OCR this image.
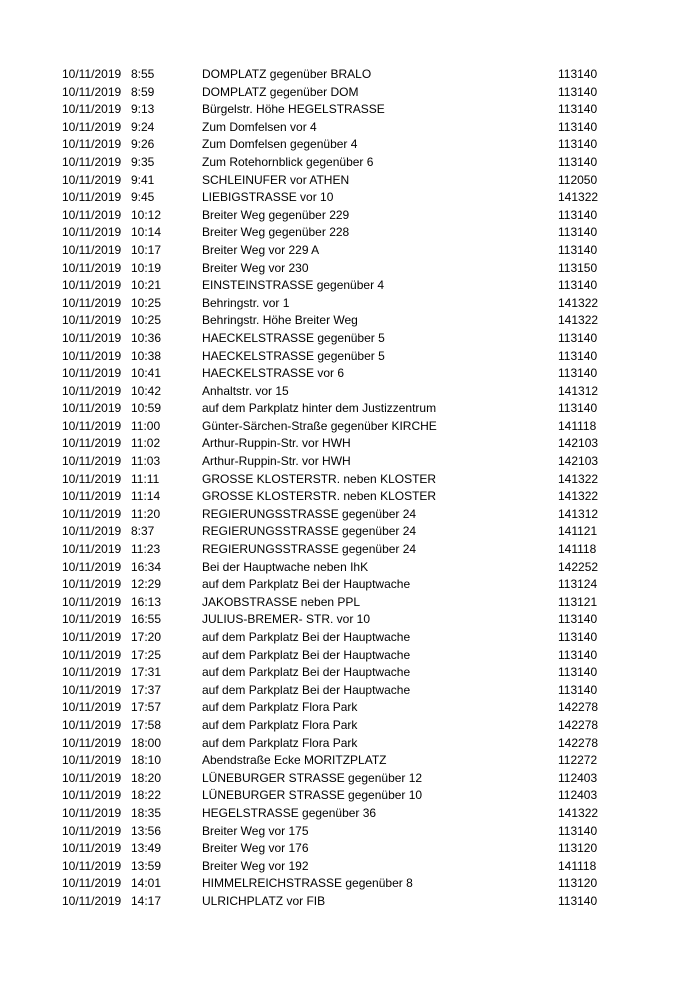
10/11/2019 8:55	DOMPLATZ gegenüber BRALO	113140
10/11/2019 8:59	DOMPLATZ gegenüber DOM	113140
10/11/2019 9:13	Bürgelstr. Höhe HEGELSTRASSE	113140
10/11/2019 9:24	Zum Domfelsen vor 4	113140
10/11/2019 9:26	Zum Domfelsen gegenüber 4	113140
10/11/2019 9:35	Zum Rotehornblick gegenüber 6	113140
10/11/2019 9:41	SCHLEINUFER vor ATHEN	112050
10/11/2019 9:45	LIEBIGSTRASSE vor 10	141322
10/11/2019 10:12	Breiter Weg gegenüber 229	113140
10/11/2019 10:14	Breiter Weg gegenüber 228	113140
10/11/2019 10:17	Breiter Weg vor 229 A	113140
10/11/2019 10:19	Breiter Weg vor 230	113150
10/11/2019 10:21	EINSTEINSTRASSE gegenüber 4	113140
10/11/2019 10:25	Behringstr. vor 1	141322
10/11/2019 10:25	Behringstr. Höhe Breiter Weg	141322
10/11/2019 10:36	HAECKELSTRASSE gegenüber 5	113140
10/11/2019 10:38	HAECKELSTRASSE gegenüber 5	113140
10/11/2019 10:41	HAECKELSTRASSE vor 6	113140
10/11/2019 10:42	Anhaltstr. vor 15	141312
10/11/2019 10:59	auf dem Parkplatz hinter dem Justizzentrum	113140
10/11/2019 11:00	Günter-Särchen-Straße gegenüber KIRCHE	141118
10/11/2019 11:02	Arthur-Ruppin-Str. vor HWH	142103
10/11/2019 11:03	Arthur-Ruppin-Str. vor HWH	142103
10/11/2019 11:11	GROSSE KLOSTERSTR. neben KLOSTER	141322
10/11/2019 11:14	GROSSE KLOSTERSTR. neben KLOSTER	141322
10/11/2019 11:20	REGIERUNGSSTRASSE gegenüber 24	141312
10/11/2019 8:37	REGIERUNGSSTRASSE gegenüber 24	141121
10/11/2019 11:23	REGIERUNGSSTRASSE gegenüber 24	141118
10/11/2019 16:34	Bei der Hauptwache neben IhK	142252
10/11/2019 12:29	auf dem Parkplatz Bei der Hauptwache	113124
10/11/2019 16:13	JAKOBSTRASSE neben PPL	113121
10/11/2019 16:55	JULIUS-BREMER- STR. vor 10	113140
10/11/2019 17:20	auf dem Parkplatz Bei der Hauptwache	113140
10/11/2019 17:25	auf dem Parkplatz Bei der Hauptwache	113140
10/11/2019 17:31	auf dem Parkplatz Bei der Hauptwache	113140
10/11/2019 17:37	auf dem Parkplatz Bei der Hauptwache	113140
10/11/2019 17:57	auf dem Parkplatz Flora Park	142278
10/11/2019 17:58	auf dem Parkplatz Flora Park	142278
10/11/2019 18:00	auf dem Parkplatz Flora Park	142278
10/11/2019 18:10	Abendstraße Ecke MORITZPLATZ	112272
10/11/2019 18:20	LÜNEBURGER STRASSE gegenüber 12	112403
10/11/2019 18:22	LÜNEBURGER STRASSE gegenüber 10	112403
10/11/2019 18:35	HEGELSTRASSE gegenüber 36	141322
10/11/2019 13:56	Breiter Weg vor 175	113140
10/11/2019 13:49	Breiter Weg vor 176	113120
10/11/2019 13:59	Breiter Weg vor 192	141118
10/11/2019 14:01	HIMMELREICHSTRASSE gegenüber 8	113120
10/11/2019 14:17	ULRICHPLATZ vor FIB	113140
